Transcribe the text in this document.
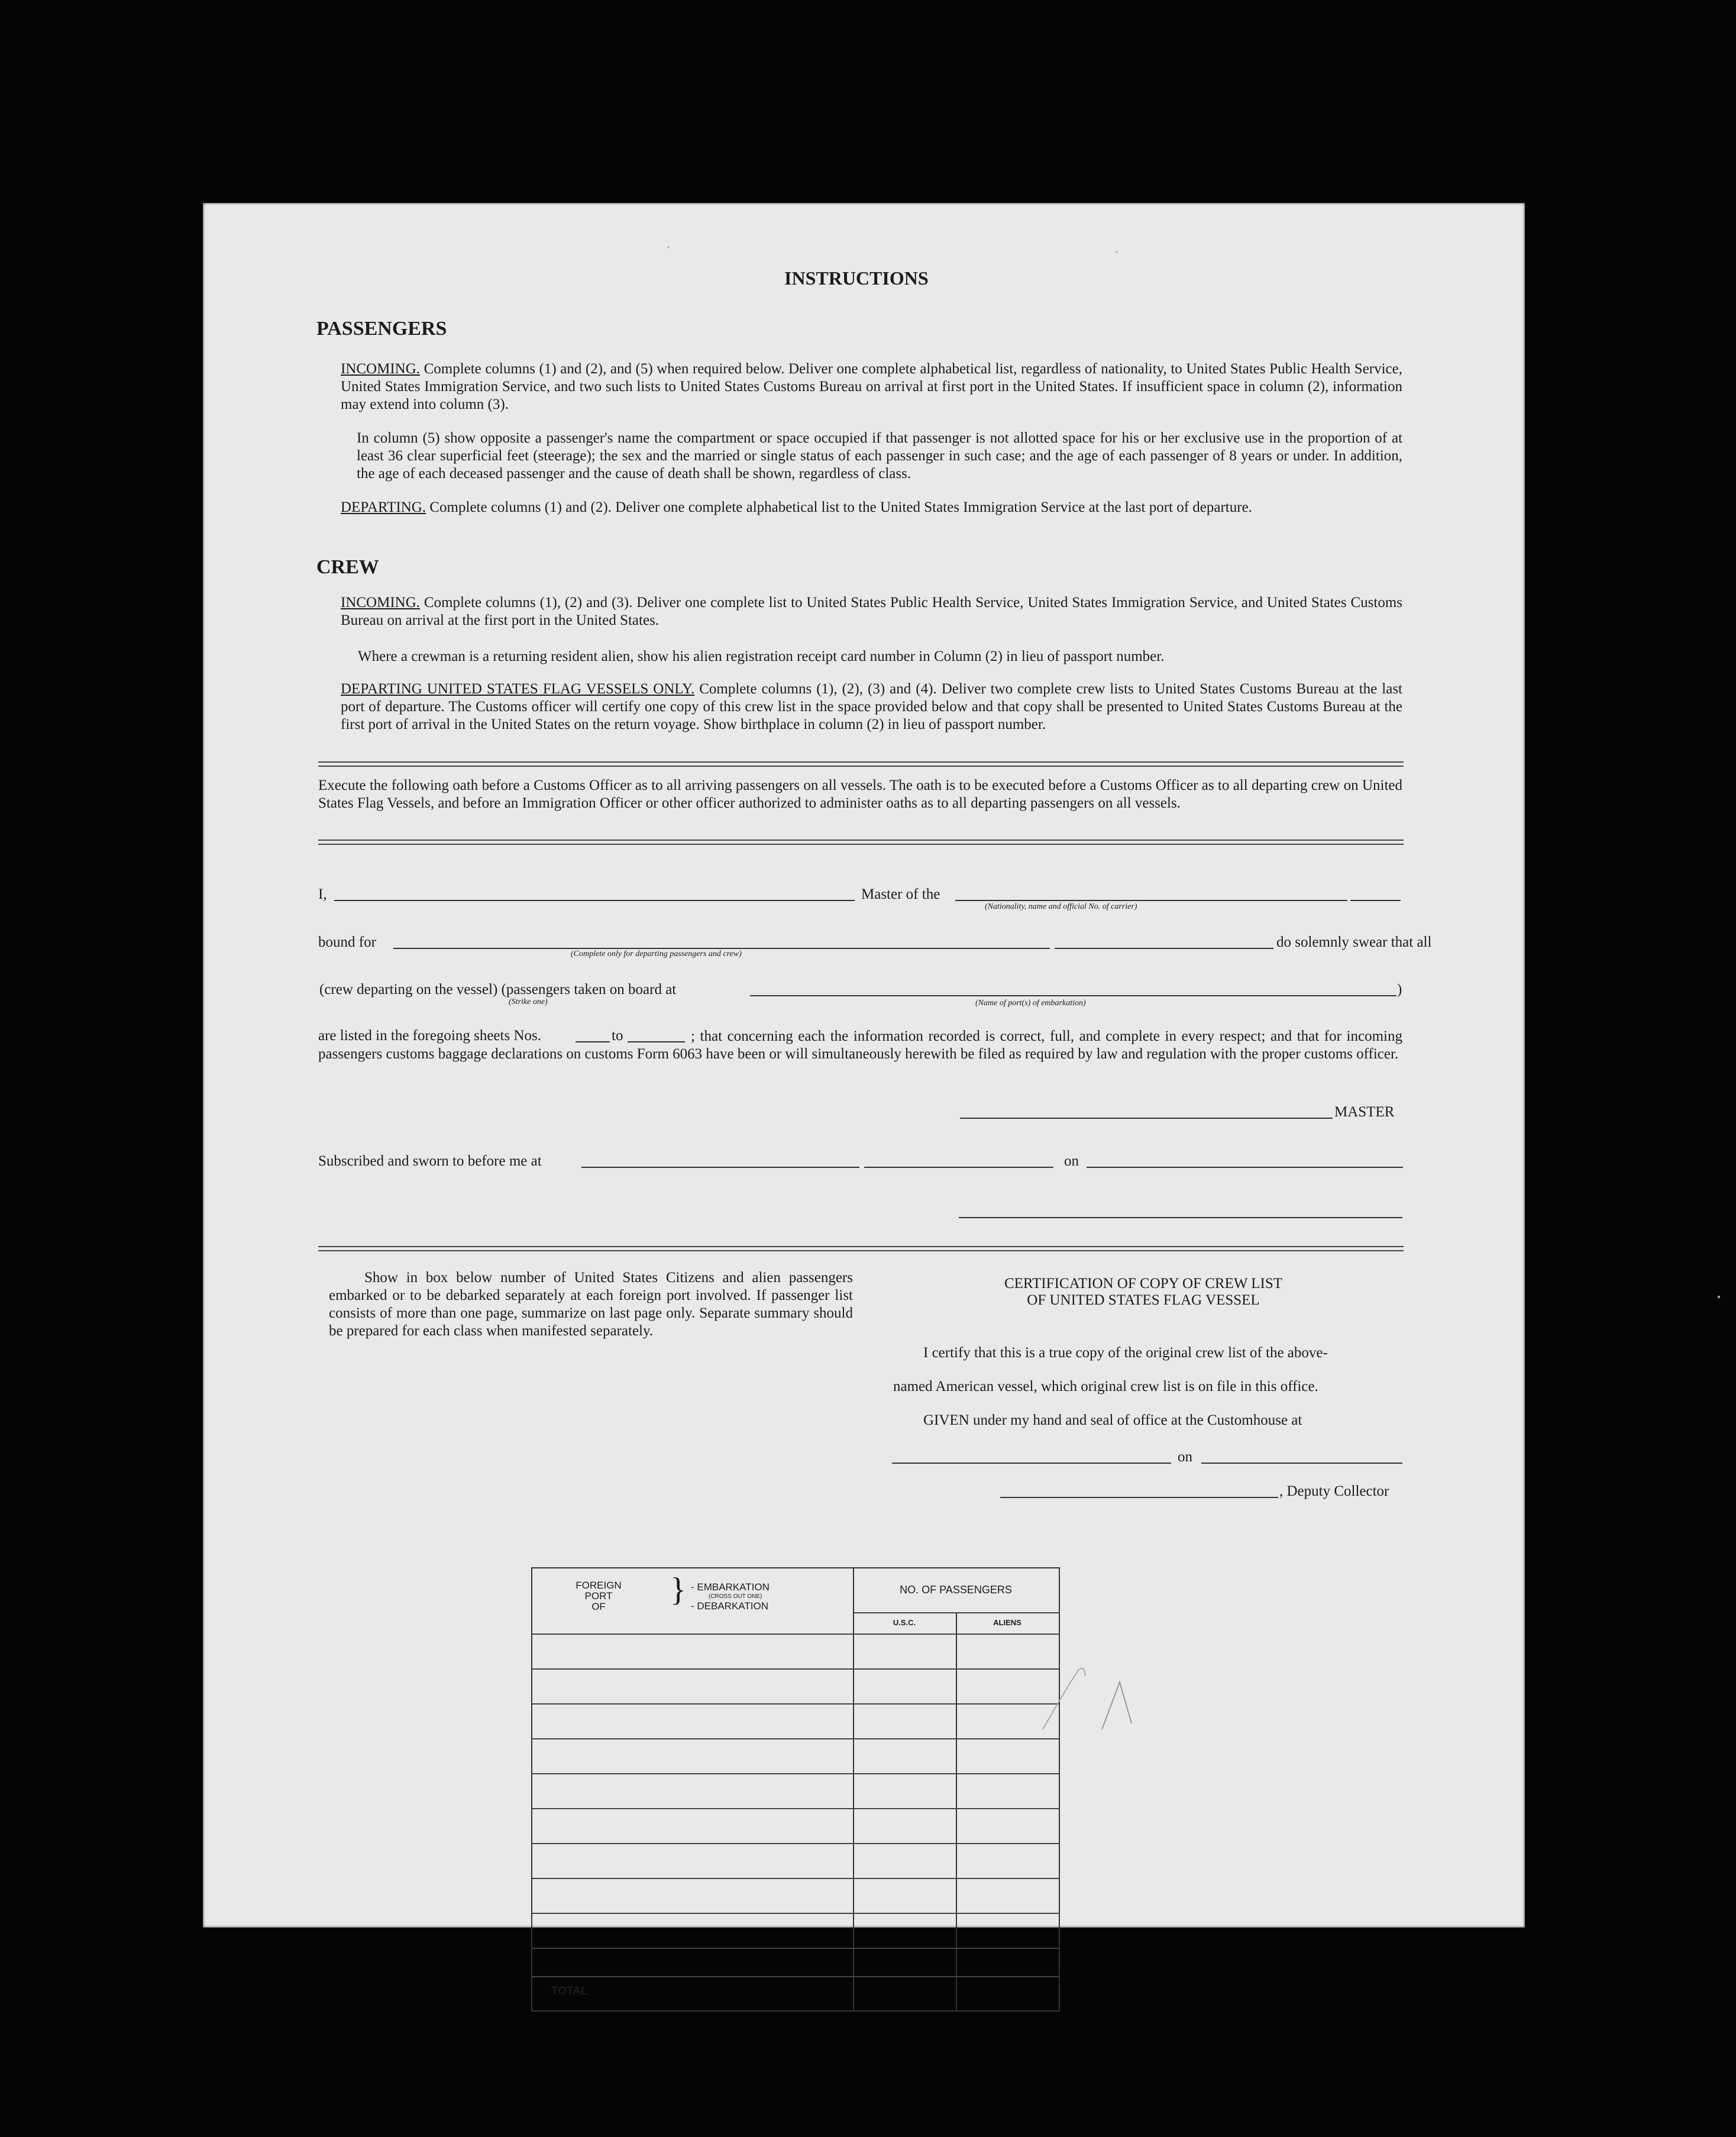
INSTRUCTIONS
PASSENGERS

INCOMING. Complete columns (1) and (2), and (5) when required below. Deliver one complete alphabetical list, regardless of nationality, to United States Public Health Service, United States Immigration Service, and two such lists to United States Customs Bureau on arrival at first port in the United States. If insufficient space in column (2), information may extend into column (3).

In column (5) show opposite a passenger's name the compartment or space occupied if that passenger is not allotted space for his or her exclusive use in the proportion of at least 36 clear superficial feet (steerage); the sex and the married or single status of each passenger in such case; and the age of each passenger of 8 years or under. In addition, the age of each deceased passenger and the cause of death shall be shown, regardless of class.

DEPARTING. Complete columns (1) and (2). Deliver one complete alphabetical list to the United States Immigration Service at the last port of departure.

CREW

INCOMING. Complete columns (1), (2) and (3). Deliver one complete list to United States Public Health Service, United States Immigration Service, and United States Customs Bureau on arrival at the first port in the United States.

Where a crewman is a returning resident alien, show his alien registration receipt card number in Column (2) in lieu of passport number.

DEPARTING UNITED STATES FLAG VESSELS ONLY. Complete columns (1), (2), (3) and (4). Deliver two complete crew lists to United States Customs Bureau at the last port of departure. The Customs officer will certify one copy of this crew list in the space provided below and that copy shall be presented to United States Customs Bureau at the first port of arrival in the United States on the return voyage. Show birthplace in column (2) in lieu of passport number.

Execute the following oath before a Customs Officer as to all arriving passengers on all vessels. The oath is to be executed before a Customs Officer as to all departing crew on United States Flag Vessels, and before an Immigration Officer or other officer authorized to administer oaths as to all departing passengers on all vessels.

I,	Master of the
(Nationality, name and official No. of carrier)
bound for
(Complete only for departing passengers and crew)
do solemnly swear that all
(crew departing on the vessel) (passengers taken on board at	)
(Strike one)	(Name of port(s) of embarkation)
are listed in the foregoing sheets Nos.	to	; that concerning each the information recorded is correct, full, and complete in every respect; and that for incoming passengers customs baggage declarations on customs Form 6063 have been or will simultaneously herewith be filed as required by law and regulation with the proper customs officer.

MASTER
Subscribed and sworn to before me at	on

Show in box below number of United States Citizens and alien passengers embarked or to be debarked separately at each foreign port involved. If passenger list consists of more than one page, summarize on last page only. Separate summary should be prepared for each class when manifested separately.

FOREIGN
PORT
OF	} - EMBARKATION
(CROSS OUT ONE)
- DEBARKATION
NO. OF PASSENGERS
U.S.C.	ALIENS
TOTAL
CERTIFICATION OF COPY OF CREW LIST
OF UNITED STATES FLAG VESSEL
I certify that this is a true copy of the original crew list of the above-
named American vessel, which original crew list is on file in this office.
GIVEN under my hand and seal of office at the Customhouse at
on
, Deputy Collector
